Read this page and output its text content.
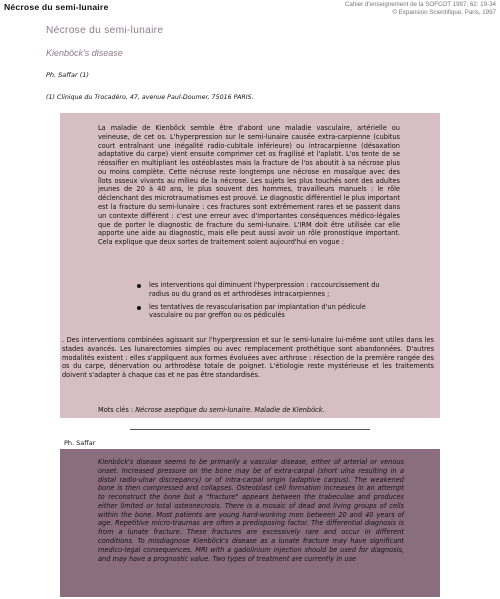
Nécrose du semi-lunaire	Cahier d'enseignement de la SOFCOT 1997; 62: 19-34
© Expansion Scientifique, Paris, 1997
Nécrose du semi-lunaire
Kienböck's disease
Ph. Saffar (1)
(1) Clinique du Trocadéro, 47, avenue Paul-Doumer, 75016 PARIS.
La maladie de Kienböck semble être d'abord une maladie vasculaire, artérielle ou veineuse, de cet os. L'hyperpression sur le semi-lunaire causée extra-carpienne (cubitus court entraînant une inégalité radio-cubitale inférieure) ou intracarpienne (désaxation adaptative du carpe) vient ensuite comprimer cet os fragilisé et l'aplatit. L'os tente de se réossifier en multipliant les ostéoblastes mais la fracture de l'os aboutit à sa nécrose plus ou moins complète. Cette nécrose reste longtemps une nécrose en mosaïque avec des îlots osseux vivants au milieu de la nécrose. Les sujets les plus touchés sont des adultes jeunes de 20 à 40 ans, le plus souvent des hommes, travailleurs manuels : le rôle déclenchant des microtraumatismes est prouvé. Le diagnostic différentiel le plus important est la fracture du semi-lunaire : ces fractures sont extrêmement rares et se passent dans un contexte différent : c'est une erreur avec d'importantes conséquences médico-légales que de porter le diagnostic de fracture du semi-lunaire. L'IRM doit être utilisée car elle apporte une aide au diagnostic, mais elle peut aussi avoir un rôle pronostique important. Cela explique que deux sortes de traitement soient aujourd'hui en vogue :
les interventions qui diminuent l'hyperpression : raccourcissement du radius ou du grand os et arthrodèses intracarpiennes ;
les tentatives de revascularisation par implantation d'un pédicule vasculaire ou par greffon ou os pédiculés
. Des interventions combinées agissant sur l'hyperpression et sur le semi-lunaire lui-même sont utiles dans les stades avancés. Les lunarectomies simples ou avec remplacement prothétique sont abandonnées. D'autres modalités existent : elles s'appliquent aux formes évoluées avec arthrose : résection de la première rangée des os du carpe, dénervation ou arthrodèse totale de poignet. L'étiologie reste mystérieuse et les traitements doivent s'adapter à chaque cas et ne pas être standardisés.
Mots clés : Nécrose aseptique du semi-lunaire. Maladie de Kienböck.
Ph. Saffar
Kienböck's disease seems to be primarily a vascular disease, either of arterial or venous onset. Increased pressure on the bone may be of extra-carpal (short ulna resulting in a distal radio-ulnar discrepancy) or of intra-carpal origin (adaptive carpus). The weakened bone is then compressed and collapses. Osteoblast cell formation increases in an attempt to reconstruct the bone but a "fracture" appears between the trabeculae and produces either limited or total osteonecrosis. There is a mosaic of dead and living groups of cells within the bone. Most patients are young hard-working men between 20 and 40 years of age. Repetitive micro-traumas are often a predisposing factor. The differential diagnosis is from a lunate fracture. These fractures are excessively rare and occur in different conditions. To misdiagnose Kienböck's disease as a lunate fracture may have significant medico-legal consequences. MRI with a gadolinium injection should be used for diagnosis, and may have a prognostic value. Two types of treatment are currently in use
